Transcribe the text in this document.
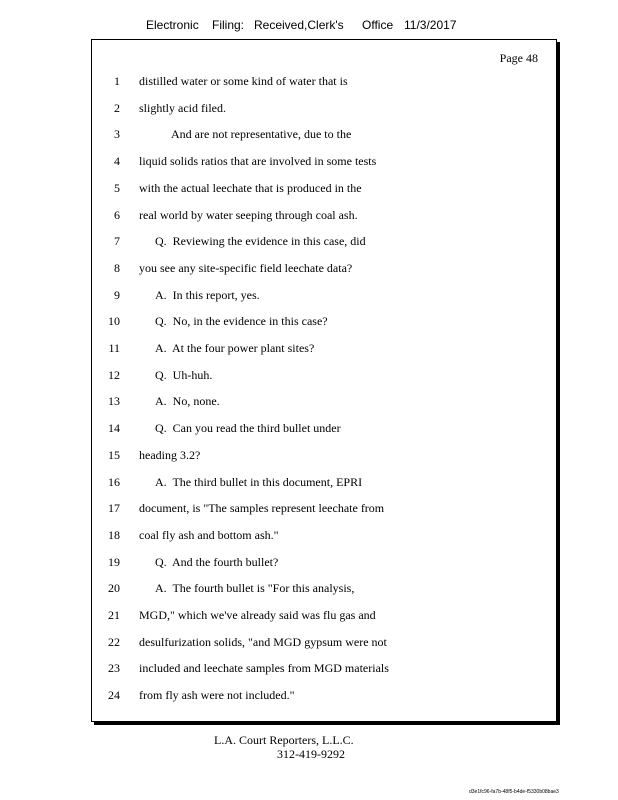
Electronic Filing: Received,Clerk's Office 11/3/2017
Page 48
1 distilled water or some kind of water that is
2 slightly acid filed.
3	And are not representative, due to the
4 liquid solids ratios that are involved in some tests
5 with the actual leechate that is produced in the
6 real world by water seeping through coal ash.
7	Q.  Reviewing the evidence in this case, did
8 you see any site-specific field leechate data?
9	A.  In this report, yes.
10	Q.  No, in the evidence in this case?
11	A.  At the four power plant sites?
12	Q.  Uh-huh.
13	A.  No, none.
14	Q.  Can you read the third bullet under
15 heading 3.2?
16	A.  The third bullet in this document, EPRI
17 document, is "The samples represent leechate from
18 coal fly ash and bottom ash."
19	Q.  And the fourth bullet?
20	A.  The fourth bullet is "For this analysis,
21 MGD," which we've already said was flu gas and
22 desulfurization solids, "and MGD gypsum were not
23 included and leechate samples from MGD materials
24 from fly ash were not included."
L.A. Court Reporters, L.L.C.
312-419-9292
d3e1fc96-fa7b-48f5-b4de-f5330b08bae3
